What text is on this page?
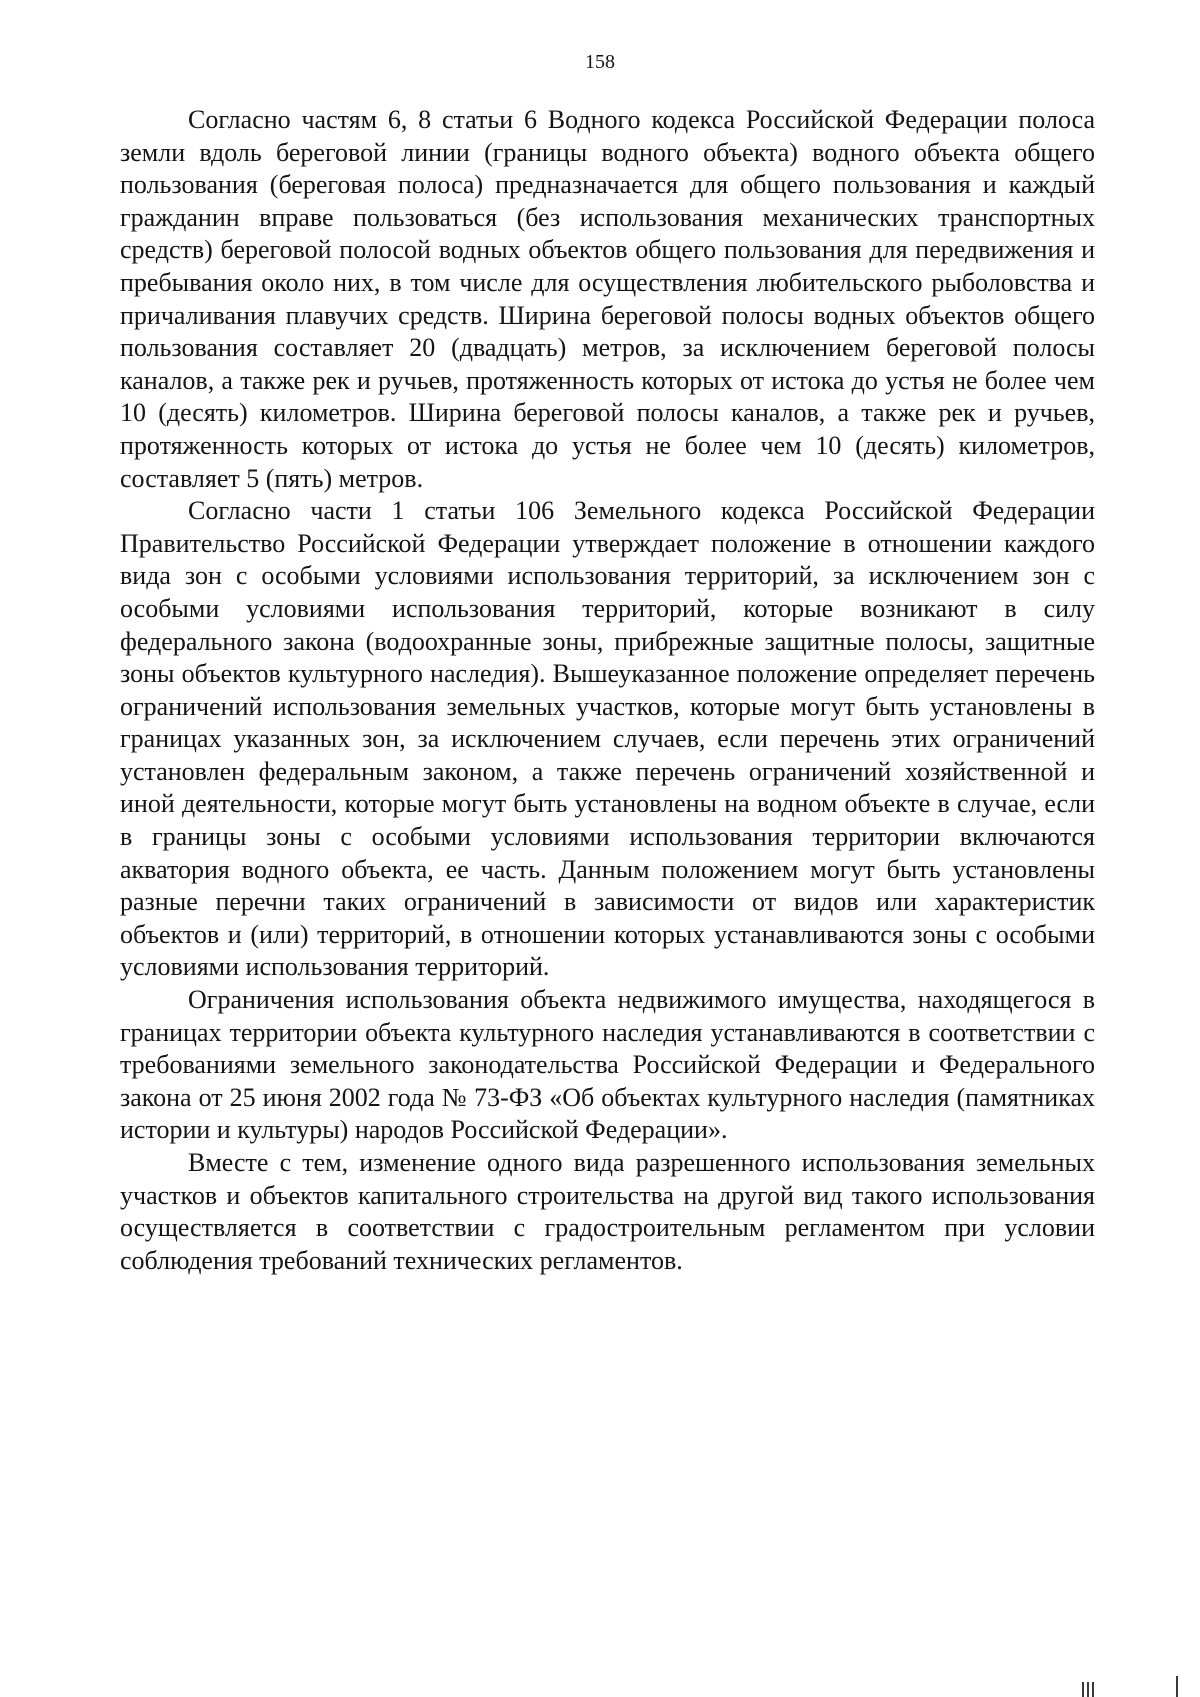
158

Согласно частям 6, 8 статьи 6 Водного кодекса Российской Федерации полоса земли вдоль береговой линии (границы водного объекта) водного объекта общего пользования (береговая полоса) предназначается для общего пользования и каждый гражданин вправе пользоваться (без использования механических транспортных средств) береговой полосой водных объектов общего пользования для передвижения и пребывания около них, в том числе для осуществления любительского рыболовства и причаливания плавучих средств. Ширина береговой полосы водных объектов общего пользования составляет 20 (двадцать) метров, за исключением береговой полосы каналов, а также рек и ручьев, протяженность которых от истока до устья не более чем 10 (десять) километров. Ширина береговой полосы каналов, а также рек и ручьев, протяженность которых от истока до устья не более чем 10 (десять) километров, составляет 5 (пять) метров.

Согласно части 1 статьи 106 Земельного кодекса Российской Федерации Правительство Российской Федерации утверждает положение в отношении каждого вида зон с особыми условиями использования территорий, за исключением зон с особыми условиями использования территорий, которые возникают в силу федерального закона (водоохранные зоны, прибрежные защитные полосы, защитные зоны объектов культурного наследия). Вышеуказанное положение определяет перечень ограничений использования земельных участков, которые могут быть установлены в границах указанных зон, за исключением случаев, если перечень этих ограничений установлен федеральным законом, а также перечень ограничений хозяйственной и иной деятельности, которые могут быть установлены на водном объекте в случае, если в границы зоны с особыми условиями использования территории включаются акватория водного объекта, ее часть. Данным положением могут быть установлены разные перечни таких ограничений в зависимости от видов или характеристик объектов и (или) территорий, в отношении которых устанавливаются зоны с особыми условиями использования территорий.

Ограничения использования объекта недвижимого имущества, находящегося в границах территории объекта культурного наследия устанавливаются в соответствии с требованиями земельного законодательства Российской Федерации и Федерального закона от 25 июня 2002 года № 73-ФЗ «Об объектах культурного наследия (памятниках истории и культуры) народов Российской Федерации».

Вместе с тем, изменение одного вида разрешенного использования земельных участков и объектов капитального строительства на другой вид такого использования осуществляется в соответствии с градостроительным регламентом при условии соблюдения требований технических регламентов.
